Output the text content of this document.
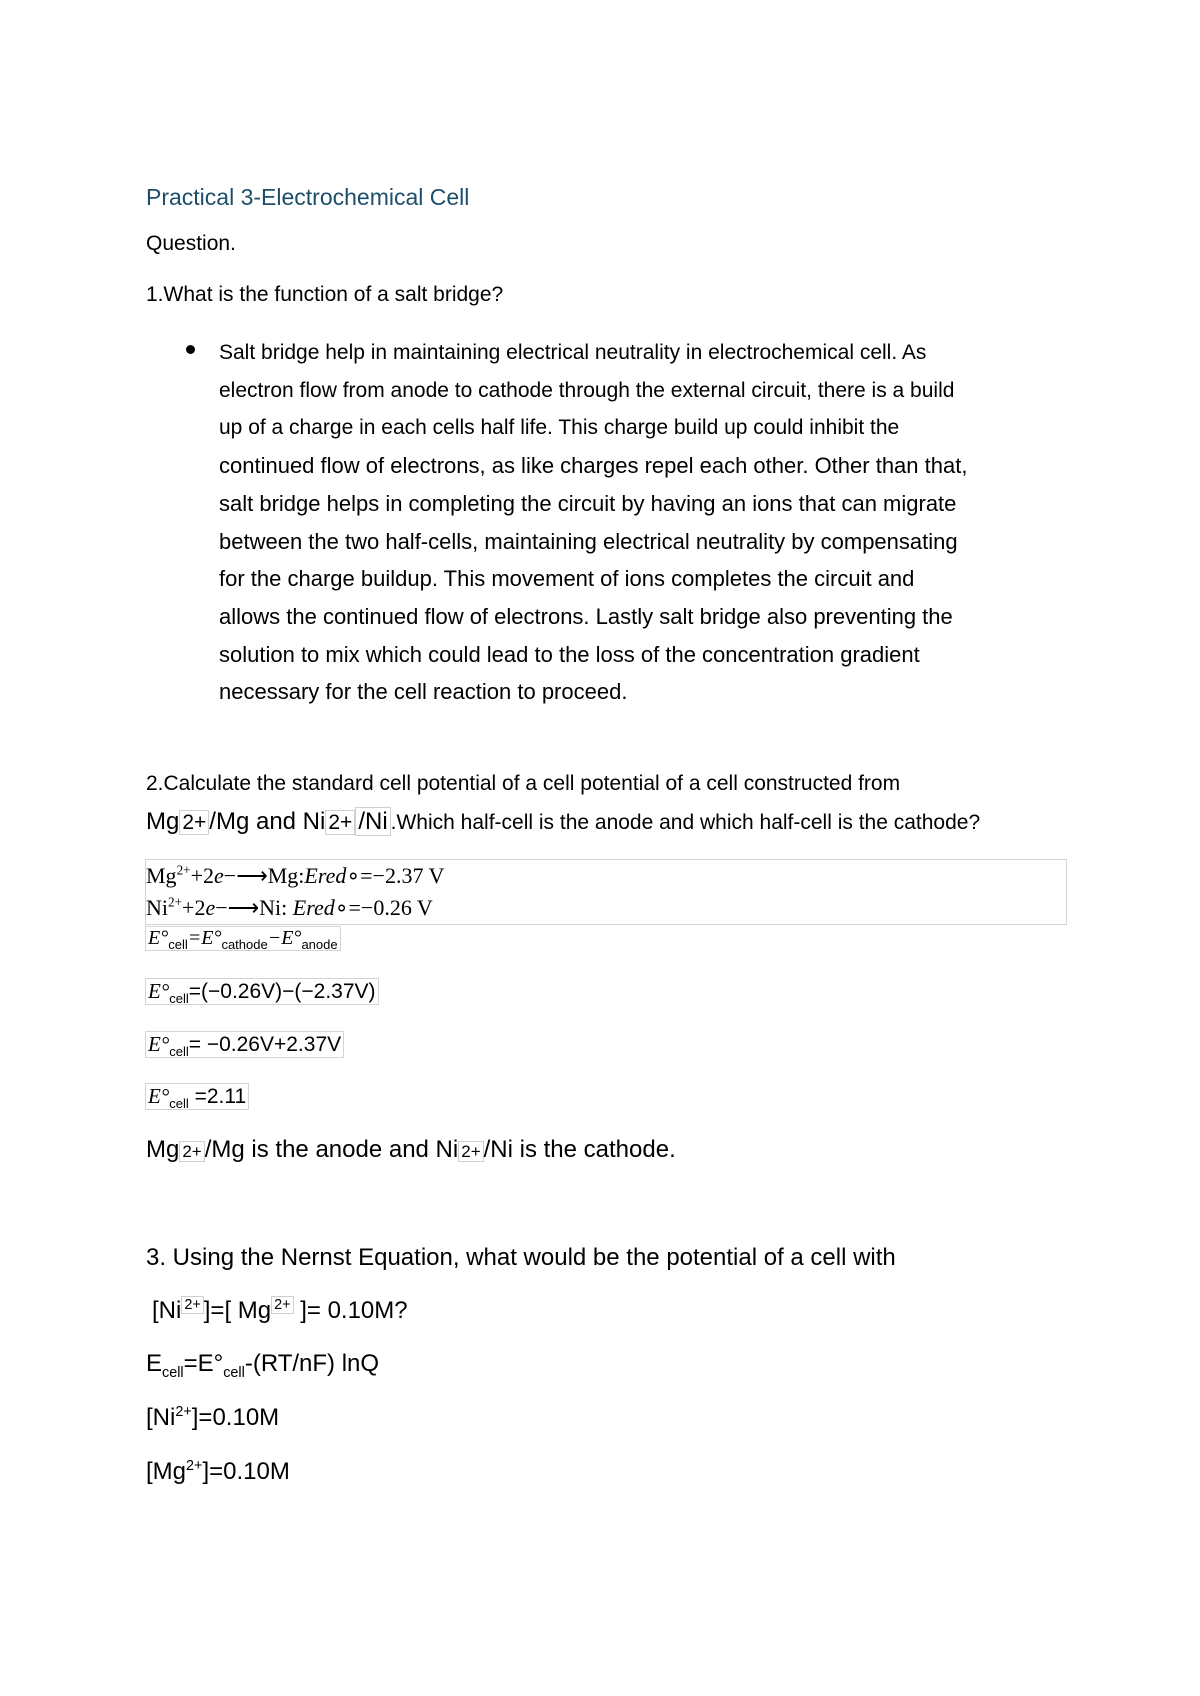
Practical 3-Electrochemical Cell
Question.
1.What is the function of a salt bridge?
Salt bridge help in maintaining electrical neutrality in electrochemical cell. As
electron flow from anode to cathode through the external circuit, there is a build
up of a charge in each cells half life. This charge build up could inhibit the
continued flow of electrons, as like charges repel each other. Other than that,
salt bridge helps in completing the circuit by having an ions that can migrate
between the two half-cells, maintaining electrical neutrality by compensating
for the charge buildup. This movement of ions completes the circuit and
allows the continued flow of electrons. Lastly salt bridge also preventing the
solution to mix which could lead to the loss of the concentration gradient
necessary for the cell reaction to proceed.
2.Calculate the standard cell potential of a cell potential of a cell constructed from
Mg 2+ /Mg and Ni 2+ /Ni .Which half-cell is the anode and which half-cell is the cathode?
$Mg^{2+}+2e-⟶Mg:Ered\circ=-2.37$ V
$Ni^{2+}+2e-⟶Ni$: Ered∘=−0.26 V
$E^\circ_{cell}=E^\circ_{cathode}-E^\circ_{anode}$
$E^\circ_{cell}=(-0.26V)-(-2.37V)$
$E^\circ_{cell}= -0.26V+2.37V$
$E^\circ_{cell} =2.11$
Mg 2+ /Mg is the anode and Ni 2+ /Ni is the cathode.
3. Using the Nernst Equation, what would be the potential of a cell with
[Ni $^{2+}$ ]=[ Mg $^{2+}$ ]= 0.10M?
$E_{cell}=E^\circ_{cell}-(RT/nF)$ lnQ
$[Ni^{2+}]=0.10M$
$[Mg^{2+}]=0.10M$
